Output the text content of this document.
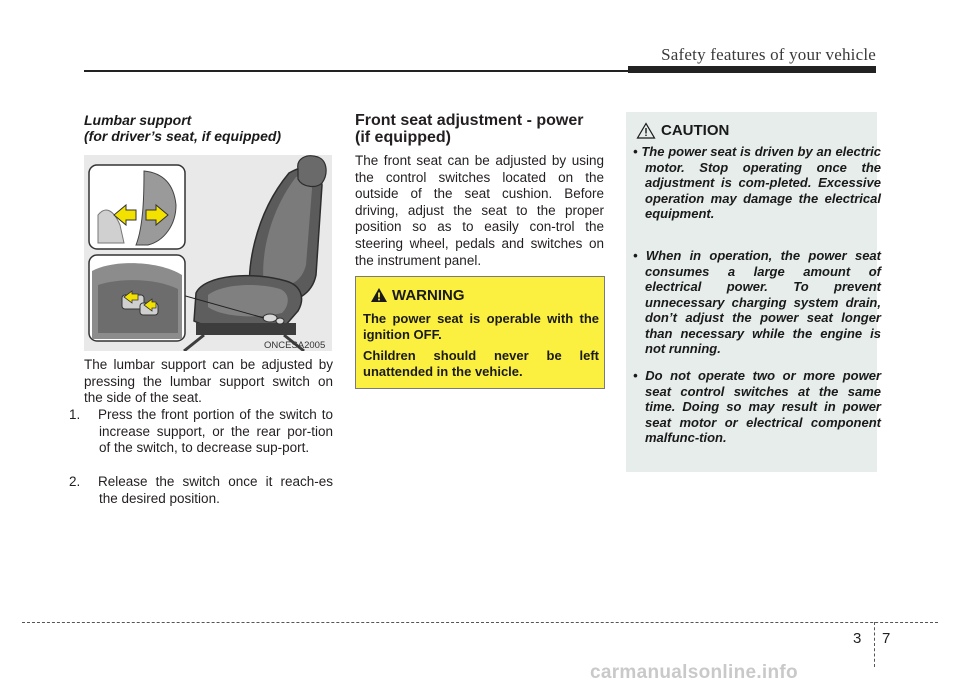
Safety features of your vehicle
Lumbar support
(for driver’s seat, if equipped)
ONCESA2005
The lumbar support can be adjusted by pressing the lumbar support switch on the side of the seat.
1. Press the front portion of the switch to increase support, or the rear por-tion of the switch, to decrease sup-port.
2. Release the switch once it reach-es the desired position.
Front seat adjustment - power
(if equipped)
The front seat can be adjusted by using the control switches located on the outside of the seat cushion. Before driving, adjust the seat to the proper position so as to easily con-trol the steering wheel, pedals and switches on the instrument panel.
WARNING
The power seat is operable with the ignition OFF.
Children should never be left unattended in the vehicle.
CAUTION
• The power seat is driven by an electric motor. Stop operating once the adjustment is com-pleted. Excessive operation may damage the electrical equipment.
• When in operation, the power seat consumes a large amount of electrical power. To prevent unnecessary charging system drain, don’t adjust the power seat longer than necessary while the engine is not running.
• Do not operate two or more power seat control switches at the same time. Doing so may result in power seat motor or electrical component malfunc-tion.
3 7
carmanualsonline.info
